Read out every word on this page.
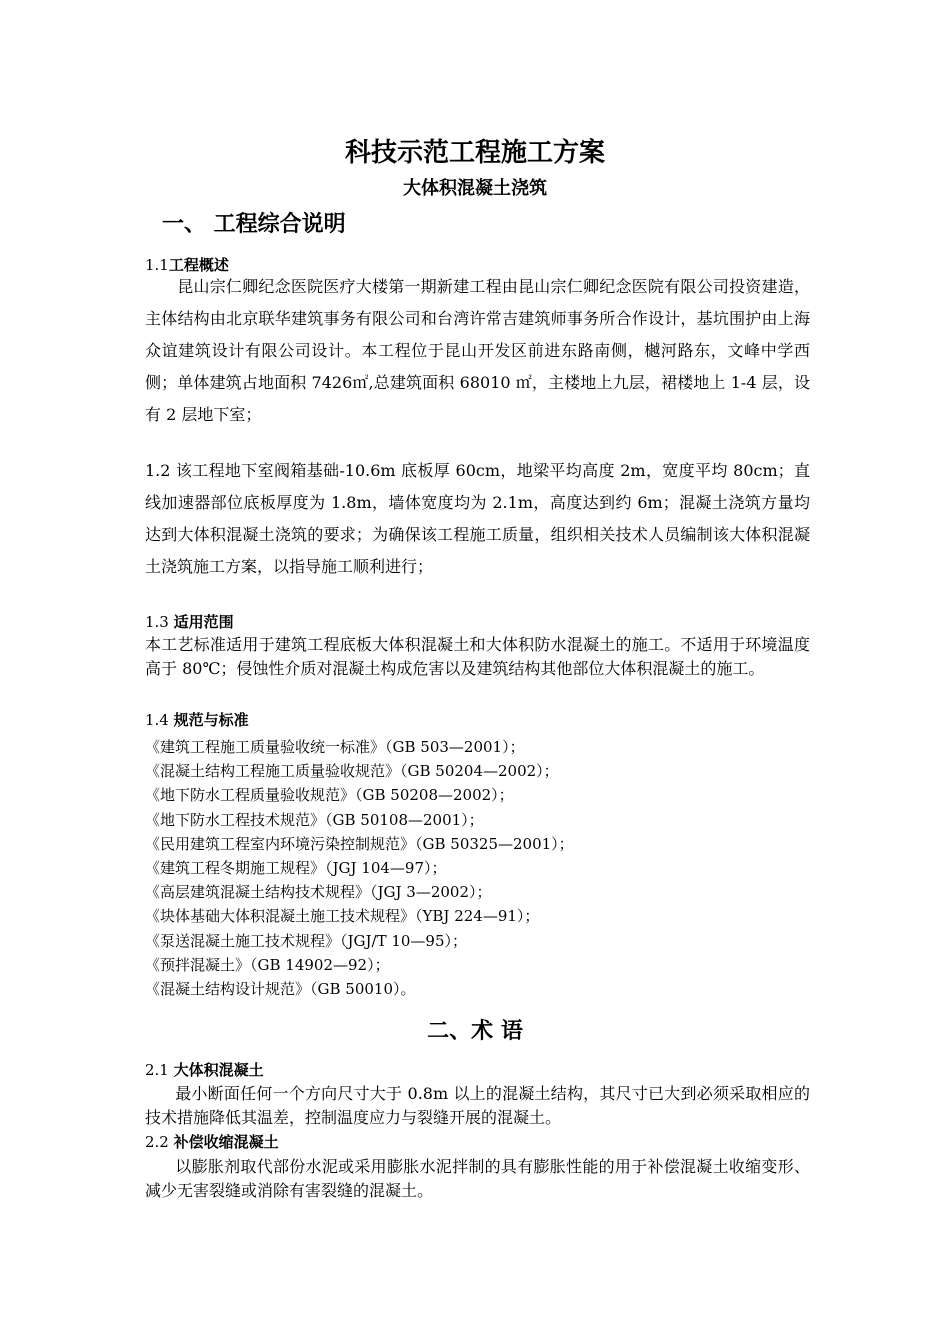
科技示范工程施工方案
大体积混凝土浇筑
一、 工程综合说明
1.1工程概述
昆山宗仁卿纪念医院医疗大楼第一期新建工程由昆山宗仁卿纪念医院有限公司投资建造，主体结构由北京联华建筑事务有限公司和台湾许常吉建筑师事务所合作设计，基坑围护由上海众谊建筑设计有限公司设计。本工程位于昆山开发区前进东路南侧，樾河路东，文峰中学西侧；单体建筑占地面积 7426㎡,总建筑面积 68010 ㎡，主楼地上九层，裙楼地上 1-4 层，设有 2 层地下室；
1.2 该工程地下室阀箱基础-10.6m 底板厚 60cm，地梁平均高度 2m，宽度平均 80cm；直线加速器部位底板厚度为 1.8m，墙体宽度均为 2.1m，高度达到约 6m；混凝土浇筑方量均达到大体积混凝土浇筑的要求；为确保该工程施工质量，组织相关技术人员编制该大体积混凝土浇筑施工方案，以指导施工顺利进行；
1.3 适用范围
本工艺标准适用于建筑工程底板大体积混凝土和大体积防水混凝土的施工。不适用于环境温度高于 80℃；侵蚀性介质对混凝土构成危害以及建筑结构其他部位大体积混凝土的施工。
1.4 规范与标准
《建筑工程施工质量验收统一标准》（GB 503—2001）；
《混凝土结构工程施工质量验收规范》（GB 50204—2002）；
《地下防水工程质量验收规范》（GB 50208—2002）；
《地下防水工程技术规范》（GB 50108—2001）；
《民用建筑工程室内环境污染控制规范》（GB 50325—2001）；
《建筑工程冬期施工规程》（JGJ 104—97）；
《高层建筑混凝土结构技术规程》（JGJ 3—2002）；
《块体基础大体积混凝土施工技术规程》（YBJ 224—91）；
《泵送混凝土施工技术规程》（JGJ/T 10—95）；
《预拌混凝土》（GB 14902—92）；
《混凝土结构设计规范》（GB 50010）。
二、术 语
2.1 大体积混凝土
最小断面任何一个方向尺寸大于 0.8m 以上的混凝土结构，其尺寸已大到必须采取相应的技术措施降低其温差，控制温度应力与裂缝开展的混凝土。
2.2 补偿收缩混凝土
以膨胀剂取代部份水泥或采用膨胀水泥拌制的具有膨胀性能的用于补偿混凝土收缩变形、减少无害裂缝或消除有害裂缝的混凝土。
